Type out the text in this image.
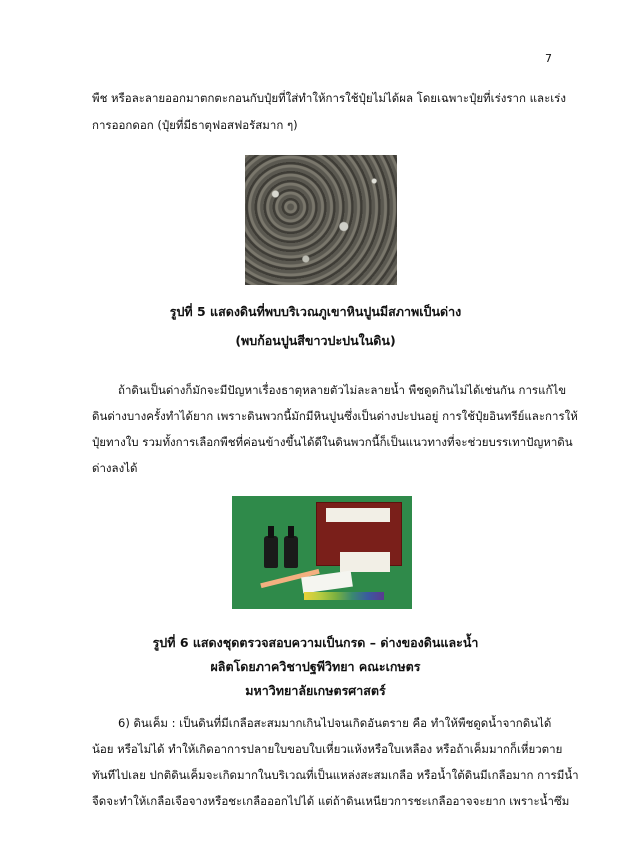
7
พืช หรือละลายออกมาตกตะกอนกับปุ๋ยที่ใส่ทำให้การใช้ปุ๋ยไม่ได้ผล โดยเฉพาะปุ๋ยที่เร่งราก และเร่ง
การออกดอก (ปุ๋ยที่มีธาตุฟอสฟอรัสมาก ๆ)
รูปที่ 5 แสดงดินที่พบบริเวณภูเขาหินปูนมีสภาพเป็นด่าง
(พบก้อนปูนสีขาวปะปนในดิน)
ถ้าดินเป็นด่างก็มักจะมีปัญหาเรื่องธาตุหลายตัวไม่ละลายน้ำ พืชดูดกินไม่ได้เช่นกัน การแก้ไข
ดินด่างบางครั้งทำได้ยาก เพราะดินพวกนี้มักมีหินปูนซึ่งเป็นด่างปะปนอยู่ การใช้ปุ๋ยอินทรีย์และการให้
ปุ๋ยทางใบ รวมทั้งการเลือกพืชที่ค่อนข้างขึ้นได้ดีในดินพวกนี้ก็เป็นแนวทางที่จะช่วยบรรเทาปัญหาดิน
ด่างลงได้
รูปที่ 6 แสดงชุดตรวจสอบความเป็นกรด – ด่างของดินและน้ำ
ผลิตโดยภาควิชาปฐพีวิทยา คณะเกษตร
มหาวิทยาลัยเกษตรศาสตร์
6) ดินเค็ม : เป็นดินที่มีเกลือสะสมมากเกินไปจนเกิดอันตราย คือ ทำให้พืชดูดน้ำจากดินได้
น้อย หรือไม่ได้ ทำให้เกิดอาการปลายใบขอบใบเหี่ยวแห้งหรือใบเหลือง หรือถ้าเค็มมากก็เหี่ยวตาย
ทันทีไปเลย ปกติดินเค็มจะเกิดมากในบริเวณที่เป็นแหล่งสะสมเกลือ หรือน้ำใต้ดินมีเกลือมาก การมีน้ำ
จืดจะทำให้เกลือเจือจางหรือชะเกลือออกไปได้ แต่ถ้าดินเหนียวการชะเกลืออาจจะยาก เพราะน้ำซึม
